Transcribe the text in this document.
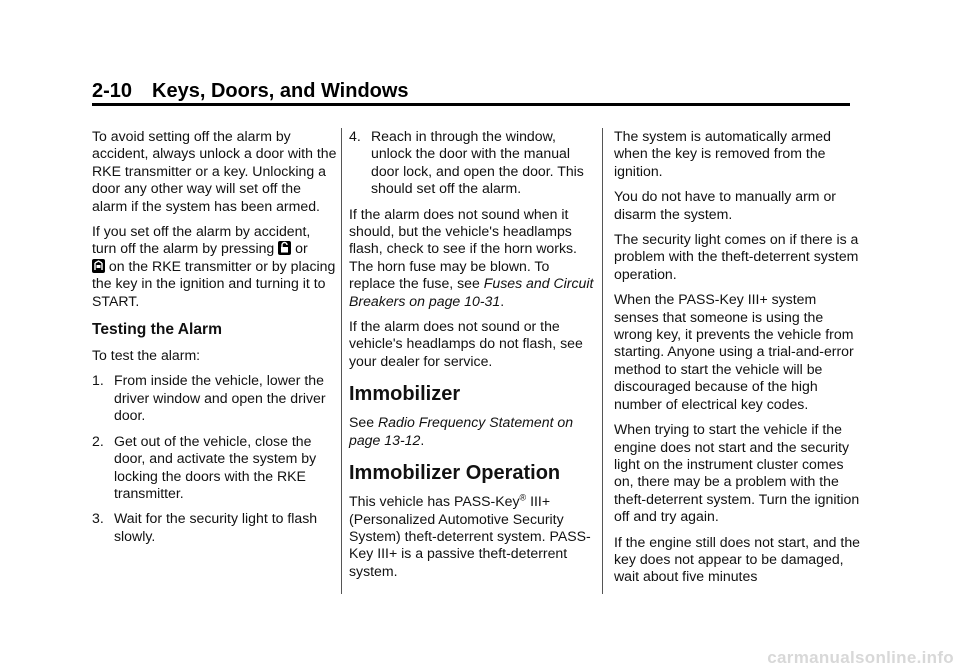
2-10 Keys, Doors, and Windows

To avoid setting off the alarm by accident, always unlock a door with the RKE transmitter or a key. Unlocking a door any other way will set off the alarm if the system has been armed.

If you set off the alarm by accident, turn off the alarm by pressing  or
on the RKE transmitter or by placing the key in the ignition and turning it to START.

Testing the Alarm

To test the alarm:

1. From inside the vehicle, lower the driver window and open the driver door.
2. Get out of the vehicle, close the door, and activate the system by locking the doors with the RKE transmitter.
3. Wait for the security light to flash slowly.
4. Reach in through the window, unlock the door with the manual door lock, and open the door. This should set off the alarm.

If the alarm does not sound when it should, but the vehicle's headlamps flash, check to see if the horn works. The horn fuse may be blown. To replace the fuse, see Fuses and Circuit Breakers on page 10-31.

If the alarm does not sound or the vehicle's headlamps do not flash, see your dealer for service.

Immobilizer

See Radio Frequency Statement on page 13-12.

Immobilizer Operation

This vehicle has PASS-Key® III+ (Personalized Automotive Security System) theft-deterrent system. PASS-Key III+ is a passive theft-deterrent system.

The system is automatically armed when the key is removed from the ignition.

You do not have to manually arm or disarm the system.

The security light comes on if there is a problem with the theft-deterrent system operation.

When the PASS-Key III+ system senses that someone is using the wrong key, it prevents the vehicle from starting. Anyone using a trial-and-error method to start the vehicle will be discouraged because of the high number of electrical key codes.

When trying to start the vehicle if the engine does not start and the security light on the instrument cluster comes on, there may be a problem with the theft-deterrent system. Turn the ignition off and try again.

If the engine still does not start, and the key does not appear to be damaged, wait about five minutes

carmanualsonline.info
